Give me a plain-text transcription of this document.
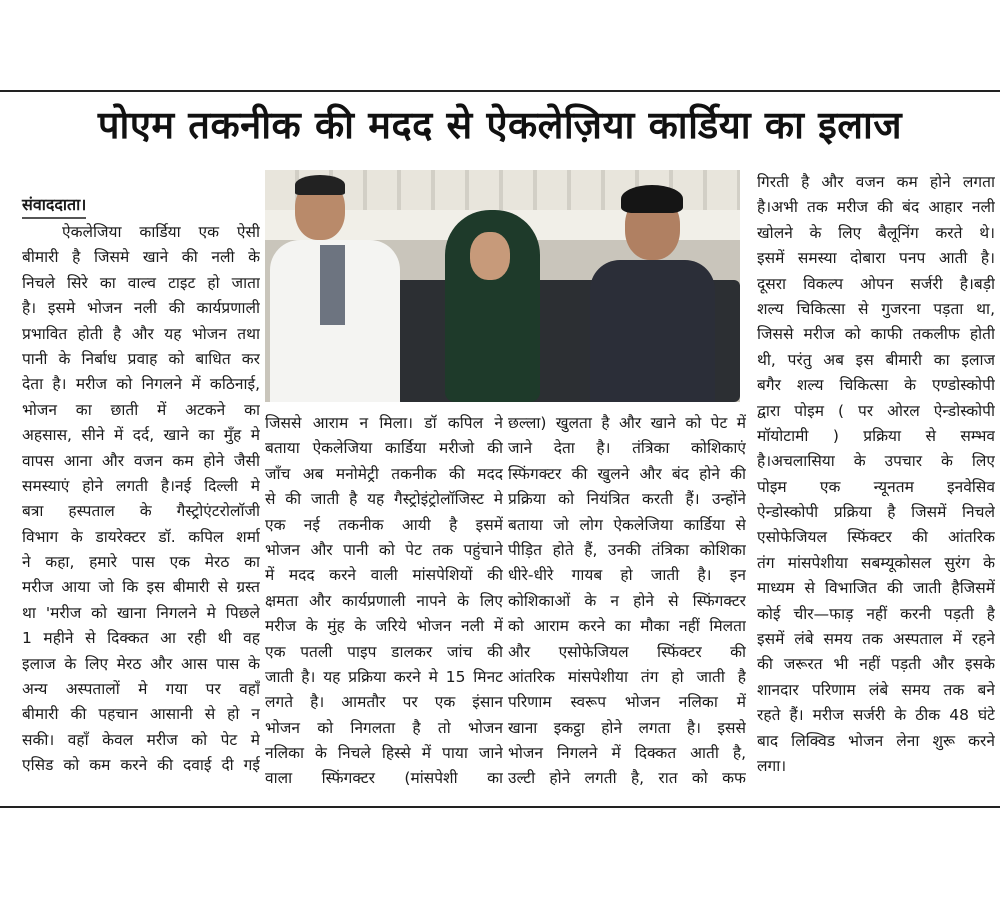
पोएम तकनीक की मदद से ऐकलेज़िया कार्डिया का इलाज
संवाददाता।
ऐकलेजिया कार्डिया एक ऐसी
बीमारी है जिसमे खाने की नली के
निचले सिरे का वाल्व टाइट हो जाता
है। इसमे भोजन नली की कार्यप्रणाली
प्रभावित होती है और यह भोजन तथा
पानी के निर्बाध प्रवाह को बाधित कर
देता है। मरीज को निगलने में कठिनाई,
भोजन का छाती में अटकने का
अहसास, सीने में दर्द, खाने का मुँह मे
वापस आना और वजन कम होने जैसी
समस्याएं होने लगती है।नई दिल्ली मे
बत्रा हस्पताल के गैस्ट्रोएंटरोलॉजी
विभाग के डायरेक्टर डॉ. कपिल शर्मा
ने कहा, हमारे पास एक मेरठ का
मरीज आया जो कि इस बीमारी से ग्रस्त
था 'मरीज को खाना निगलने मे पिछले
1 महीने से दिक्कत आ रही थी वह
इलाज के लिए मेरठ और आस पास के
अन्य अस्पतालों मे गया पर वहाँ
बीमारी की पहचान आसानी से हो न
सकी। वहाँ केवल मरीज को पेट मे
एसिड को कम करने की दवाई दी गई
जिससे आराम न मिला। डॉ कपिल ने
बताया ऐकलेजिया कार्डिया मरीजो की
जाँच अब मनोमेट्री तकनीक की मदद
से की जाती है यह गैस्ट्रोइंट्रोलॉजिस्ट मे
एक नई तकनीक आयी है इसमें
भोजन और पानी को पेट तक पहुंचाने
में मदद करने वाली मांसपेशियों की
क्षमता और कार्यप्रणाली नापने के लिए
मरीज के मुंह के जरिये भोजन नली में
एक पतली पाइप डालकर जांच की
जाती है। यह प्रक्रिया करने मे 15 मिनट
लगते है। आमतौर पर एक इंसान
भोजन को निगलता है तो भोजन
नलिका के निचले हिस्से में पाया जाने
वाला स्फिंगक्टर (मांसपेशी का
छल्ला) खुलता है और खाने को पेट में
जाने देता है। तंत्रिका कोशिकाएं
स्फिंगक्टर की खुलने और बंद होने की
प्रक्रिया को नियंत्रित करती हैं। उन्होंने
बताया जो लोग ऐकलेजिया कार्डिया से
पीड़ित होते हैं, उनकी तंत्रिका कोशिका
धीरे-धीरे गायब हो जाती है। इन
कोशिकाओं के न होने से स्फिंगक्टर
को आराम करने का मौका नहीं मिलता
और एसोफेजियल स्फिंक्टर की
आंतरिक मांसपेशीया तंग हो जाती है
परिणाम स्वरूप भोजन नलिका में
खाना इकट्ठा होने लगता है। इससे
भोजन निगलने में दिक्कत आती है,
उल्टी होने लगती है, रात को कफ
गिरती है और वजन कम होने लगता
है।अभी तक मरीज की बंद आहार नली
खोलने के लिए बैलूनिंग करते थे।
इसमें समस्या दोबारा पनप आती है।
दूसरा विकल्प ओपन सर्जरी है।बड़ी
शल्य चिकित्सा से गुजरना पड़ता था,
जिससे मरीज को काफी तकलीफ होती
थी, परंतु अब इस बीमारी का इलाज
बगैर शल्य चिकित्सा के एण्डोस्कोपी
द्वारा पोइम ( पर ओरल ऐन्डोस्कोपी
मॉयोटामी ) प्रक्रिया से सम्भव
है।अचलासिया के उपचार के लिए
पोइम एक न्यूनतम इनवेसिव
ऐन्डोस्कोपी प्रक्रिया है जिसमें निचले
एसोफेजियल स्फिंक्टर की आंतरिक
तंग मांसपेशीया सबम्यूकोसल सुरंग के
माध्यम से विभाजित की जाती हैजिसमें
कोई चीर—फाड़ नहीं करनी पड़ती है
इसमें लंबे समय तक अस्पताल में रहने
की जरूरत भी नहीं पड़ती और इसके
शानदार परिणाम लंबे समय तक बने
रहते हैं। मरीज सर्जरी के ठीक 48 घंटे
बाद लिक्विड भोजन लेना शुरू करने
लगा।
